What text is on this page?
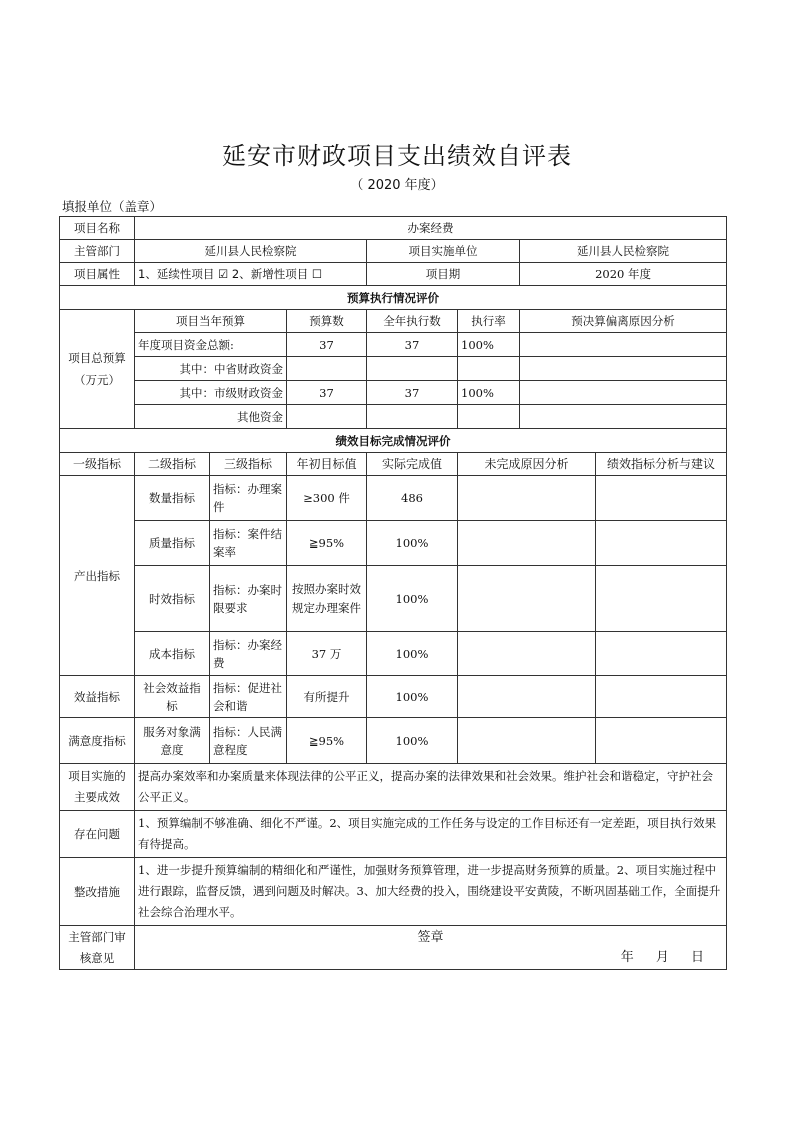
延安市财政项目支出绩效自评表
（ 2020 年度）
填报单位（盖章）
项目名称	办案经费						
主管部门	延川县人民检察院			项目实施单位		延川县人民检察院	
项目属性	1、延续性项目 ☑ 2、新增性项目 ☐			项目期		2020 年度	
预算执行情况评价							
项目总预算（万元）	项目当年预算		预算数	全年执行数	执行率	预决算偏离原因分析	
	年度项目资金总额:		37	37	100%		
	其中：中省财政资金						
	其中：市级财政资金		37	37	100%		
	其他资金						
绩效目标完成情况评价							
一级指标	二级指标	三级指标	年初目标值	实际完成值	未完成原因分析		绩效指标分析与建议
产出指标	数量指标	指标：办理案件	≥300 件	486			
	质量指标	指标：案件结案率	≧95%	100%			
	时效指标	指标：办案时限要求	按照办案时效规定办理案件	100%			
	成本指标	指标：办案经费	37 万	100%			
效益指标	社会效益指标	指标：促进社会和谐	有所提升	100%			
满意度指标	服务对象满意度	指标：人民满意程度	≧95%	100%			
项目实施的主要成效	提高办案效率和办案质量来体现法律的公平正义，提高办案的法律效果和社会效果。维护社会和谐稳定，守护社会公平正义。						
存在问题	1、预算编制不够准确、细化不严谨。2、项目实施完成的工作任务与设定的工作目标还有一定差距，项目执行效果有待提高。						
整改措施	1、进一步提升预算编制的精细化和严谨性，加强财务预算管理，进一步提高财务预算的质量。2、项目实施过程中进行跟踪，监督反馈，遇到问题及时解决。3、加大经费的投入，围绕建设平安黄陵，不断巩固基础工作，全面提升社会综合治理水平。						
主管部门审核意见	签章
年 月 日						
